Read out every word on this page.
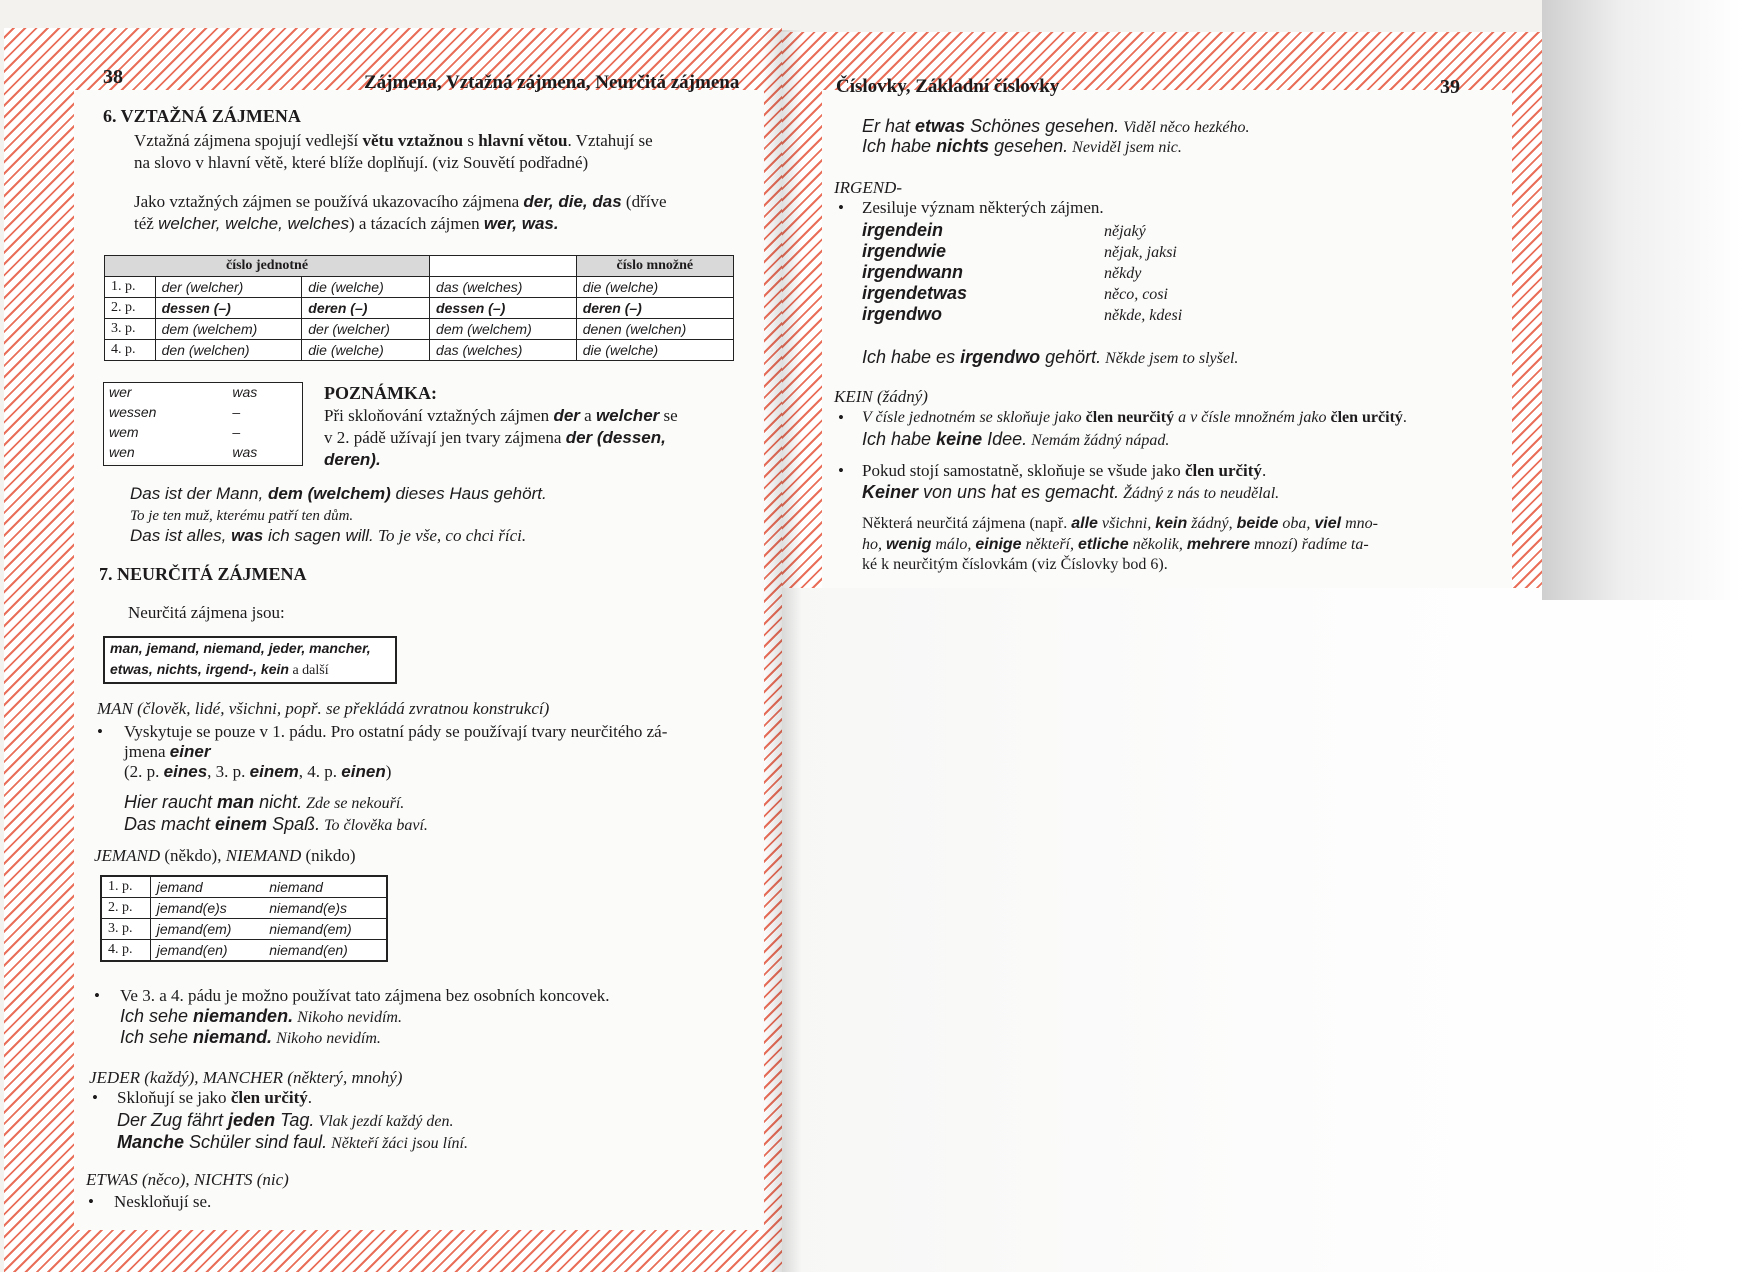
38	Zájmena, Vztažná zájmena, Neurčitá zájmena
6. VZTAŽNÁ ZÁJMENA
Vztažná zájmena spojují vedlejší větu vztažnou s hlavní větou. Vztahují se
na slovo v hlavní větě, které blíže doplňují. (viz Souvětí podřadné)
Jako vztažných zájmen se používá ukazovacího zájmena der, die, das (dříve
též welcher, welche, welches) a tázacích zájmen wer, was.
číslo jednotné				číslo množné
1. p.	der (welcher)	die (welche)	das (welches)	die (welche)
2. p.	dessen (–)	deren (–)	dessen (–)	deren (–)
3. p.	dem (welchem)	der (welcher)	dem (welchem)	denen (welchen)
4. p.	den (welchen)	die (welche)	das (welches)	die (welche)
wer	was
wessen	–
wem	–
wen	was
POZNÁMKA:
Při skloňování vztažných zájmen der a welcher se
v 2. pádě užívají jen tvary zájmena der (dessen,
deren).
Das ist der Mann, dem (welchem) dieses Haus gehört.
To je ten muž, kterému patří ten dům.
Das ist alles, was ich sagen will. To je vše, co chci říci.
7. NEURČITÁ ZÁJMENA
Neurčitá zájmena jsou:
man, jemand, niemand, jeder, mancher,
etwas, nichts, irgend-, kein a další
MAN (člověk, lidé, všichni, popř. se překládá zvratnou konstrukcí)
• Vyskytuje se pouze v 1. pádu. Pro ostatní pády se používají tvary neurčitého zá-
jmena einer
(2. p. eines, 3. p. einem, 4. p. einen)
Hier raucht man nicht. Zde se nekouří.
Das macht einem Spaß. To člověka baví.
JEMAND (někdo), NIEMAND (nikdo)
1. p.	jemand	niemand
2. p.	jemand(e)s	niemand(e)s
3. p.	jemand(em)	niemand(em)
4. p.	jemand(en)	niemand(en)
• Ve 3. a 4. pádu je možno používat tato zájmena bez osobních koncovek.
Ich sehe niemanden. Nikoho nevidím.
Ich sehe niemand. Nikoho nevidím.
JEDER (každý), MANCHER (některý, mnohý)
• Skloňují se jako člen určitý.
Der Zug fährt jeden Tag. Vlak jezdí každý den.
Manche Schüler sind faul. Někteří žáci jsou líní.
ETWAS (něco), NICHTS (nic)
• Neskloňují se.
Číslovky, Základní číslovky	39
Er hat etwas Schönes gesehen. Viděl něco hezkého.
Ich habe nichts gesehen. Neviděl jsem nic.
IRGEND-
• Zesiluje význam některých zájmen.
irgendein	nějaký
irgendwie	nějak, jaksi
irgendwann	někdy
irgendetwas	něco, cosi
irgendwo	někde, kdesi
Ich habe es irgendwo gehört. Někde jsem to slyšel.
KEIN (žádný)
• V čísle jednotném se skloňuje jako člen neurčitý a v čísle množném jako člen určitý.
Ich habe keine Idee. Nemám žádný nápad.
• Pokud stojí samostatně, skloňuje se všude jako člen určitý.
Keiner von uns hat es gemacht. Žádný z nás to neudělal.
Některá neurčitá zájmena (např. alle všichni, kein žádný, beide oba, viel mno-
ho, wenig málo, einige někteří, etliche několik, mehrere mnozí) řadíme ta-
ké k neurčitým číslovkám (viz Číslovky bod 6).
